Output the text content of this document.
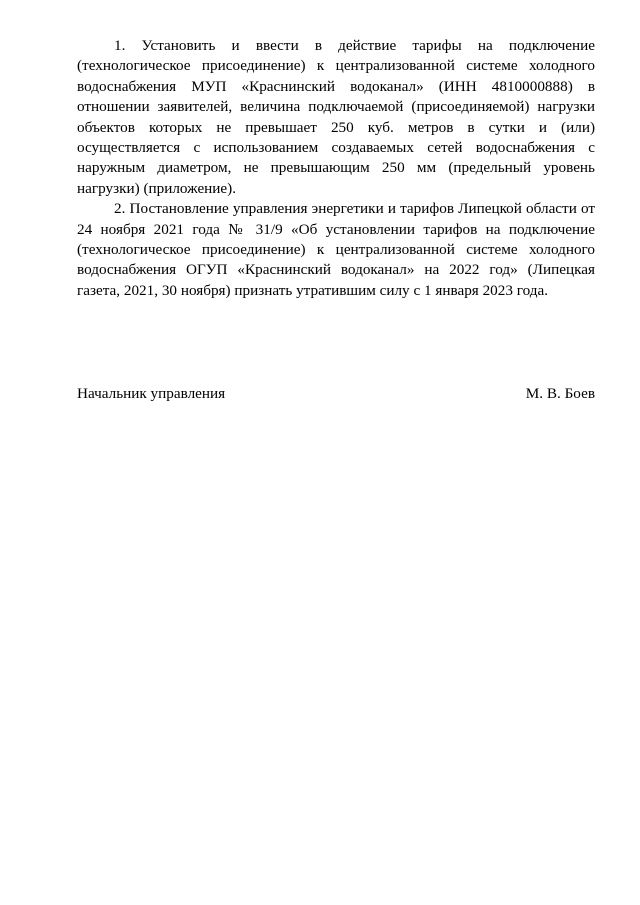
1. Установить и ввести в действие тарифы на подключение (технологическое присоединение) к централизованной системе холодного водоснабжения МУП «Краснинский водоканал» (ИНН 4810000888) в отношении заявителей, величина подключаемой (присоединяемой) нагрузки объектов которых не превышает 250 куб. метров в сутки и (или) осуществляется с использованием создаваемых сетей водоснабжения с наружным диаметром, не превышающим 250 мм (предельный уровень нагрузки) (приложение).

2. Постановление управления энергетики и тарифов Липецкой области от 24 ноября 2021 года № 31/9 «Об установлении тарифов на подключение (технологическое присоединение) к централизованной системе холодного водоснабжения ОГУП «Краснинский водоканал» на 2022 год» (Липецкая газета, 2021, 30 ноября) признать утратившим силу с 1 января 2023 года.

Начальник управления	М. В. Боев
